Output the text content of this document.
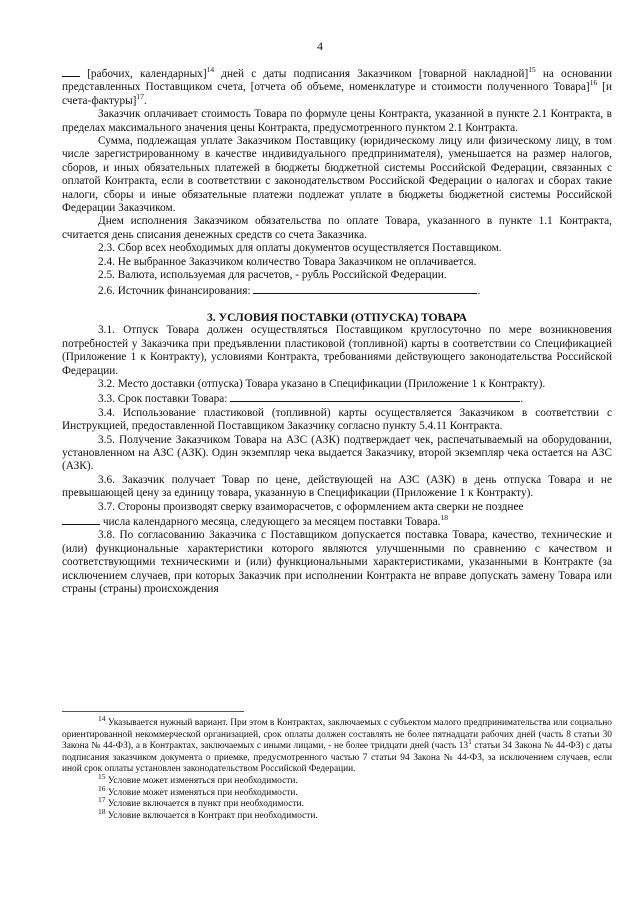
4

[рабочих, календарных]$^{14}$ дней с даты подписания Заказчиком [товарной накладной]$^{15}$ на основании представленных Поставщиком счета, [отчета об объеме, номенклатуре и стоимости полученного Товара]$^{16}$ [и счета-фактуры]$^{17}$.

Заказчик оплачивает стоимость Товара по формуле цены Контракта, указанной в пункте 2.1 Контракта, в пределах максимального значения цены Контракта, предусмотренного пунктом 2.1 Контракта.

Сумма, подлежащая уплате Заказчиком Поставщику (юридическому лицу или физическому лицу, в том числе зарегистрированному в качестве индивидуального предпринимателя), уменьшается на размер налогов, сборов, и иных обязательных платежей в бюджеты бюджетной системы Российской Федерации, связанных с оплатой Контракта, если в соответствии с законодательством Российской Федерации о налогах и сборах такие налоги, сборы и иные обязательные платежи подлежат уплате в бюджеты бюджетной системы Российской Федерации Заказчиком.

Днем исполнения Заказчиком обязательства по оплате Товара, указанного в пункте 1.1 Контракта, считается день списания денежных средств со счета Заказчика.

2.3. Сбор всех необходимых для оплаты документов осуществляется Поставщиком.

2.4. Не выбранное Заказчиком количество Товара Заказчиком не оплачивается.

2.5. Валюта, используемая для расчетов, - рубль Российской Федерации.

2.6. Источник финансирования:	.

3. УСЛОВИЯ ПОСТАВКИ (ОТПУСКА) ТОВАРА

3.1. Отпуск Товара должен осуществляться Поставщиком круглосуточно по мере возникновения потребностей у Заказчика при предъявлении пластиковой (топливной) карты в соответствии со Спецификацией (Приложение 1 к Контракту), условиями Контракта, требованиями действующего законодательства Российской Федерации.

3.2. Место доставки (отпуска) Товара указано в Спецификации (Приложение 1 к Контракту).

3.3. Срок поставки Товара:	.

3.4. Использование пластиковой (топливной) карты осуществляется Заказчиком в соответствии с Инструкцией, предоставленной Поставщиком Заказчику согласно пункту 5.4.11 Контракта.

3.5. Получение Заказчиком Товара на АЗС (АЗК) подтверждает чек, распечатываемый на оборудовании, установленном на АЗС (АЗК). Один экземпляр чека выдается Заказчику, второй экземпляр чека остается на АЗС (АЗК).

3.6. Заказчик получает Товар по цене, действующей на АЗС (АЗК) в день отпуска Товара и не превышающей цену за единицу товара, указанную в Спецификации (Приложение 1 к Контракту).

3.7. Стороны производят сверку взаиморасчетов, с оформлением акта сверки не позднее

числа календарного месяца, следующего за месяцем поставки Товара.$^{18}$

3.8. По согласованию Заказчика с Поставщиком допускается поставка Товара, качество, технические и (или) функциональные характеристики которого являются улучшенными по сравнению с качеством и соответствующими техническими и (или) функциональными характеристиками, указанными в Контракте (за исключением случаев, при которых Заказчик при исполнении Контракта не вправе допускать замену Товара или страны (страны) происхождения

$^{14}$ Указывается нужный вариант. При этом в Контрактах, заключаемых с субъектом малого предпринимательства или социально ориентированной некоммерческой организацией, срок оплаты должен составлять не более пятнадцати рабочих дней (часть 8 статьи 30 Закона № 44-ФЗ), а в Контрактах, заключаемых с иными лицами, - не более тридцати дней (часть $13^1$ статьи 34 Закона № 44-ФЗ) с даты подписания заказчиком документа о приемке, предусмотренного частью 7 статьи 94 Закона № 44-ФЗ, за исключением случаев, если иной срок оплаты установлен законодательством Российской Федерации.

$^{15}$ Условие может изменяться при необходимости.

$^{16}$ Условие может изменяться при необходимости.

$^{17}$ Условие включается в пункт при необходимости.

$^{18}$ Условие включается в Контракт при необходимости.
